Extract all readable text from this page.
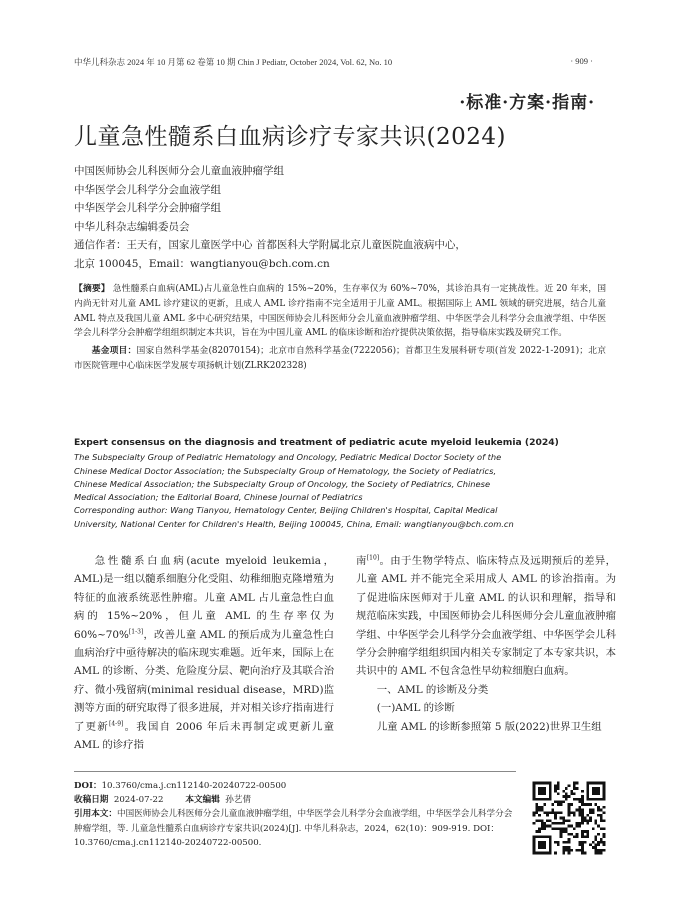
中华儿科杂志 2024 年 10 月第 62 卷第 10 期 Chin J Pediatr, October 2024, Vol. 62, No. 10	· 909 ·
·标准·方案·指南·
儿童急性髓系白血病诊疗专家共识(2024)
中国医师协会儿科医师分会儿童血液肿瘤学组
中华医学会儿科学分会血液学组
中华医学会儿科学分会肿瘤学组
中华儿科杂志编辑委员会
通信作者：王天有，国家儿童医学中心 首都医科大学附属北京儿童医院血液病中心，
北京 100045，Email：wangtianyou@bch.com.cn
【摘要】 急性髓系白血病(AML)占儿童急性白血病的 15%~20%，生存率仅为 60%~70%，其诊治具有一定挑战性。近 20 年来，国内尚无针对儿童 AML 诊疗建议的更新，且成人 AML 诊疗指南不完全适用于儿童 AML。根据国际上 AML 领域的研究进展，结合儿童 AML 特点及我国儿童 AML 多中心研究结果，中国医师协会儿科医师分会儿童血液肿瘤学组、中华医学会儿科学分会血液学组、中华医学会儿科学分会肿瘤学组组织制定本共识，旨在为中国儿童 AML 的临床诊断和治疗提供决策依据，指导临床实践及研究工作。
基金项目：国家自然科学基金(82070154)；北京市自然科学基金(7222056)；首都卫生发展科研专项(首发 2022-1-2091)；北京市医院管理中心临床医学发展专项扬帆计划(ZLRK202328)
Expert consensus on the diagnosis and treatment of pediatric acute myeloid leukemia (2024)
The Subspecialty Group of Pediatric Hematology and Oncology, Pediatric Medical Doctor Society of the
Chinese Medical Doctor Association; the Subspecialty Group of Hematology, the Society of Pediatrics,
Chinese Medical Association; the Subspecialty Group of Oncology, the Society of Pediatrics, Chinese
Medical Association; the Editorial Board, Chinese Journal of Pediatrics
Corresponding author: Wang Tianyou, Hematology Center, Beijing Children's Hospital, Capital Medical
University, National Center for Children's Health, Beijing 100045, China, Email: wangtianyou@bch.com.cn
急性髓系白血病(acute myeloid leukemia，AML)是一组以髓系细胞分化受阻、幼稚细胞克隆增殖为特征的血液系统恶性肿瘤。儿童 AML 占儿童急性白血病的 15%~20%，但儿童 AML 的生存率仅为 60%~70%[1-3]，改善儿童 AML 的预后成为儿童急性白血病治疗中亟待解决的临床现实难题。近年来，国际上在 AML 的诊断、分类、危险度分层、靶向治疗及其联合治疗、微小残留病(minimal residual disease，MRD)监测等方面的研究取得了很多进展，并对相关诊疗指南进行了更新[4-9]。我国自 2006 年后未再制定或更新儿童 AML 的诊疗指
南[10]。由于生物学特点、临床特点及远期预后的差异，儿童 AML 并不能完全采用成人 AML 的诊治指南。为了促进临床医师对于儿童 AML 的认识和理解，指导和规范临床实践，中国医师协会儿科医师分会儿童血液肿瘤学组、中华医学会儿科学分会血液学组、中华医学会儿科学分会肿瘤学组组织国内相关专家制定了本专家共识，本共识中的 AML 不包含急性早幼粒细胞白血病。
一、AML 的诊断及分类
(一)AML 的诊断
儿童 AML 的诊断参照第 5 版(2022)世界卫生组
DOI：10.3760/cma.j.cn112140-20240722-00500
收稿日期 2024-07-22	本文编辑 孙艺倩
引用本文：中国医师协会儿科医师分会儿童血液肿瘤学组，中华医学会儿科学分会血液学组，中华医学会儿科学分会肿瘤学组，等. 儿童急性髓系白血病诊疗专家共识(2024)[J]. 中华儿科杂志，2024，62(10)：909-919. DOI：10.3760/cma.j.cn112140-20240722-00500.
